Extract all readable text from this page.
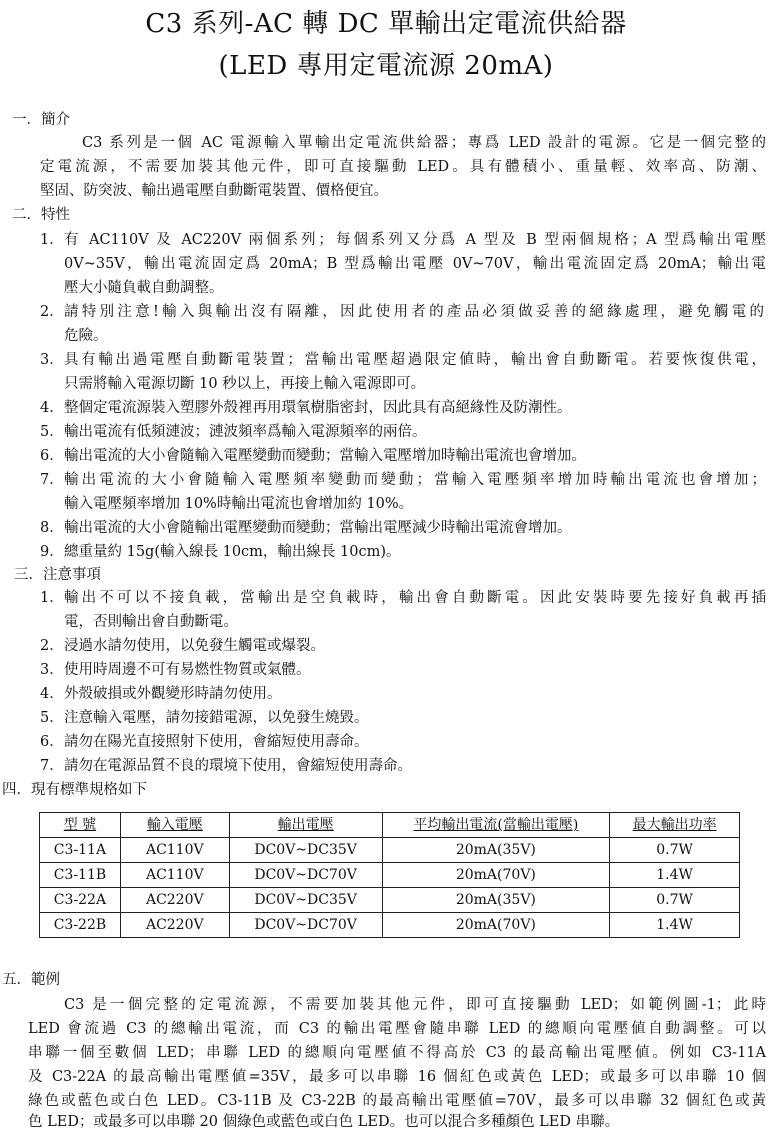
C3 系列-AC 轉 DC 單輸出定電流供給器
(LED 專用定電流源 20mA)
一．簡介
C3 系列是一個 AC 電源輸入單輸出定電流供給器；專爲 LED 設計的電源。它是一個完整的
定電流源，不需要加裝其他元件，即可直接驅動 LED。具有體積小、重量輕、效率高、防潮、
堅固、防突波、輸出過電壓自動斷電裝置、價格便宜。
二．特性
1． 有 AC110V 及 AC220V 兩個系列；每個系列又分爲 A 型及 B 型兩個規格；A 型爲輸出電壓
0V~35V，輸出電流固定爲 20mA；B 型爲輸出電壓 0V~70V，輸出電流固定爲 20mA；輸出電
壓大小隨負載自動調整。
2． 請特別注意!輸入與輸出沒有隔離，因此使用者的產品必須做妥善的絕緣處理，避免觸電的
危險。
3． 具有輸出過電壓自動斷電裝置；當輸出電壓超過限定値時，輸出會自動斷電。若要恢復供電，
只需將輸入電源切斷 10 秒以上，再接上輸入電源即可。
4． 整個定電流源裝入塑膠外殼裡再用環氧樹脂密封，因此具有高絕緣性及防潮性。
5． 輸出電流有低頻漣波；漣波頻率爲輸入電源頻率的兩倍。
6． 輸出電流的大小會隨輸入電壓變動而變動；當輸入電壓增加時輸出電流也會增加。
7． 輸出電流的大小會隨輸入電壓頻率變動而變動；當輸入電壓頻率增加時輸出電流也會增加；
輸入電壓頻率增加 10%時輸出電流也會增加約 10%。
8． 輸出電流的大小會隨輸出電壓變動而變動；當輸出電壓減少時輸出電流會增加。
9． 總重量約 15g(輸入線長 10cm，輸出線長 10cm)。
三．注意事項
1． 輸出不可以不接負載，當輸出是空負載時，輸出會自動斷電。因此安裝時要先接好負載再插
電，否則輸出會自動斷電。
2． 浸過水請勿使用，以免發生觸電或爆裂。
3． 使用時周邊不可有易燃性物質或氣體。
4． 外殼破損或外觀變形時請勿使用。
5． 注意輸入電壓，請勿接錯電源，以免發生燒毀。
6． 請勿在陽光直接照射下使用，會縮短使用壽命。
7． 請勿在電源品質不良的環境下使用，會縮短使用壽命。
四．現有標準規格如下
型 號	輸入電壓	輸出電壓	平均輸出電流(當輸出電壓)	最大輸出功率
C3-11A	AC110V	DC0V~DC35V	20mA(35V)	0.7W
C3-11B	AC110V	DC0V~DC70V	20mA(70V)	1.4W
C3-22A	AC220V	DC0V~DC35V	20mA(35V)	0.7W
C3-22B	AC220V	DC0V~DC70V	20mA(70V)	1.4W
五．範例
C3 是一個完整的定電流源，不需要加裝其他元件，即可直接驅動 LED；如範例圖-1；此時
LED 會流過 C3 的總輸出電流，而 C3 的輸出電壓會隨串聯 LED 的總順向電壓値自動調整。可以
串聯一個至數個 LED；串聯 LED 的總順向電壓値不得高於 C3 的最高輸出電壓値。例如 C3-11A
及 C3-22A 的最高輸出電壓値=35V，最多可以串聯 16 個紅色或黃色 LED；或最多可以串聯 10 個
綠色或藍色或白色 LED。C3-11B 及 C3-22B 的最高輸出電壓値=70V，最多可以串聯 32 個紅色或黃
色 LED；或最多可以串聯 20 個綠色或藍色或白色 LED。也可以混合多種顏色 LED 串聯。
